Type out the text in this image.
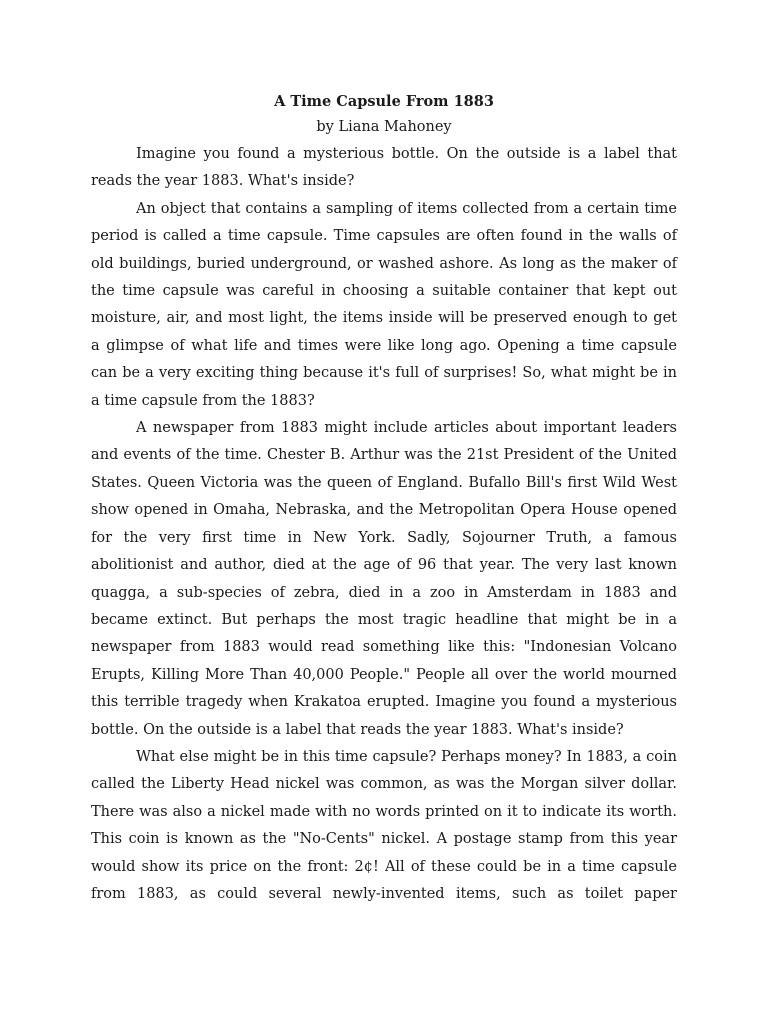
A Time Capsule From 1883

by Liana Mahoney

Imagine you found a mysterious bottle. On the outside is a label that reads the year 1883. What's inside?

An object that contains a sampling of items collected from a certain time period is called a time capsule. Time capsules are often found in the walls of old buildings, buried underground, or washed ashore. As long as the maker of the time capsule was careful in choosing a suitable container that kept out moisture, air, and most light, the items inside will be preserved enough to get a glimpse of what life and times were like long ago. Opening a time capsule can be a very exciting thing because it's full of surprises! So, what might be in a time capsule from the 1883?

A newspaper from 1883 might include articles about important leaders and events of the time. Chester B. Arthur was the 21st President of the United States. Queen Victoria was the queen of England. Bufallo Bill's first Wild West show opened in Omaha, Nebraska, and the Metropolitan Opera House opened for the very first time in New York. Sadly, Sojourner Truth, a famous abolitionist and author, died at the age of 96 that year. The very last known quagga, a sub-species of zebra, died in a zoo in Amsterdam in 1883 and became extinct. But perhaps the most tragic headline that might be in a newspaper from 1883 would read something like this: "Indonesian Volcano Erupts, Killing More Than 40,000 People." People all over the world mourned this terrible tragedy when Krakatoa erupted. Imagine you found a mysterious bottle. On the outside is a label that reads the year 1883. What's inside?

What else might be in this time capsule? Perhaps money? In 1883, a coin called the Liberty Head nickel was common, as was the Morgan silver dollar. There was also a nickel made with no words printed on it to indicate its worth. This coin is known as the "No-Cents" nickel. A postage stamp from this year would show its price on the front: 2¢! All of these could be in a time capsule from 1883, as could several newly-invented items, such as toilet paper
